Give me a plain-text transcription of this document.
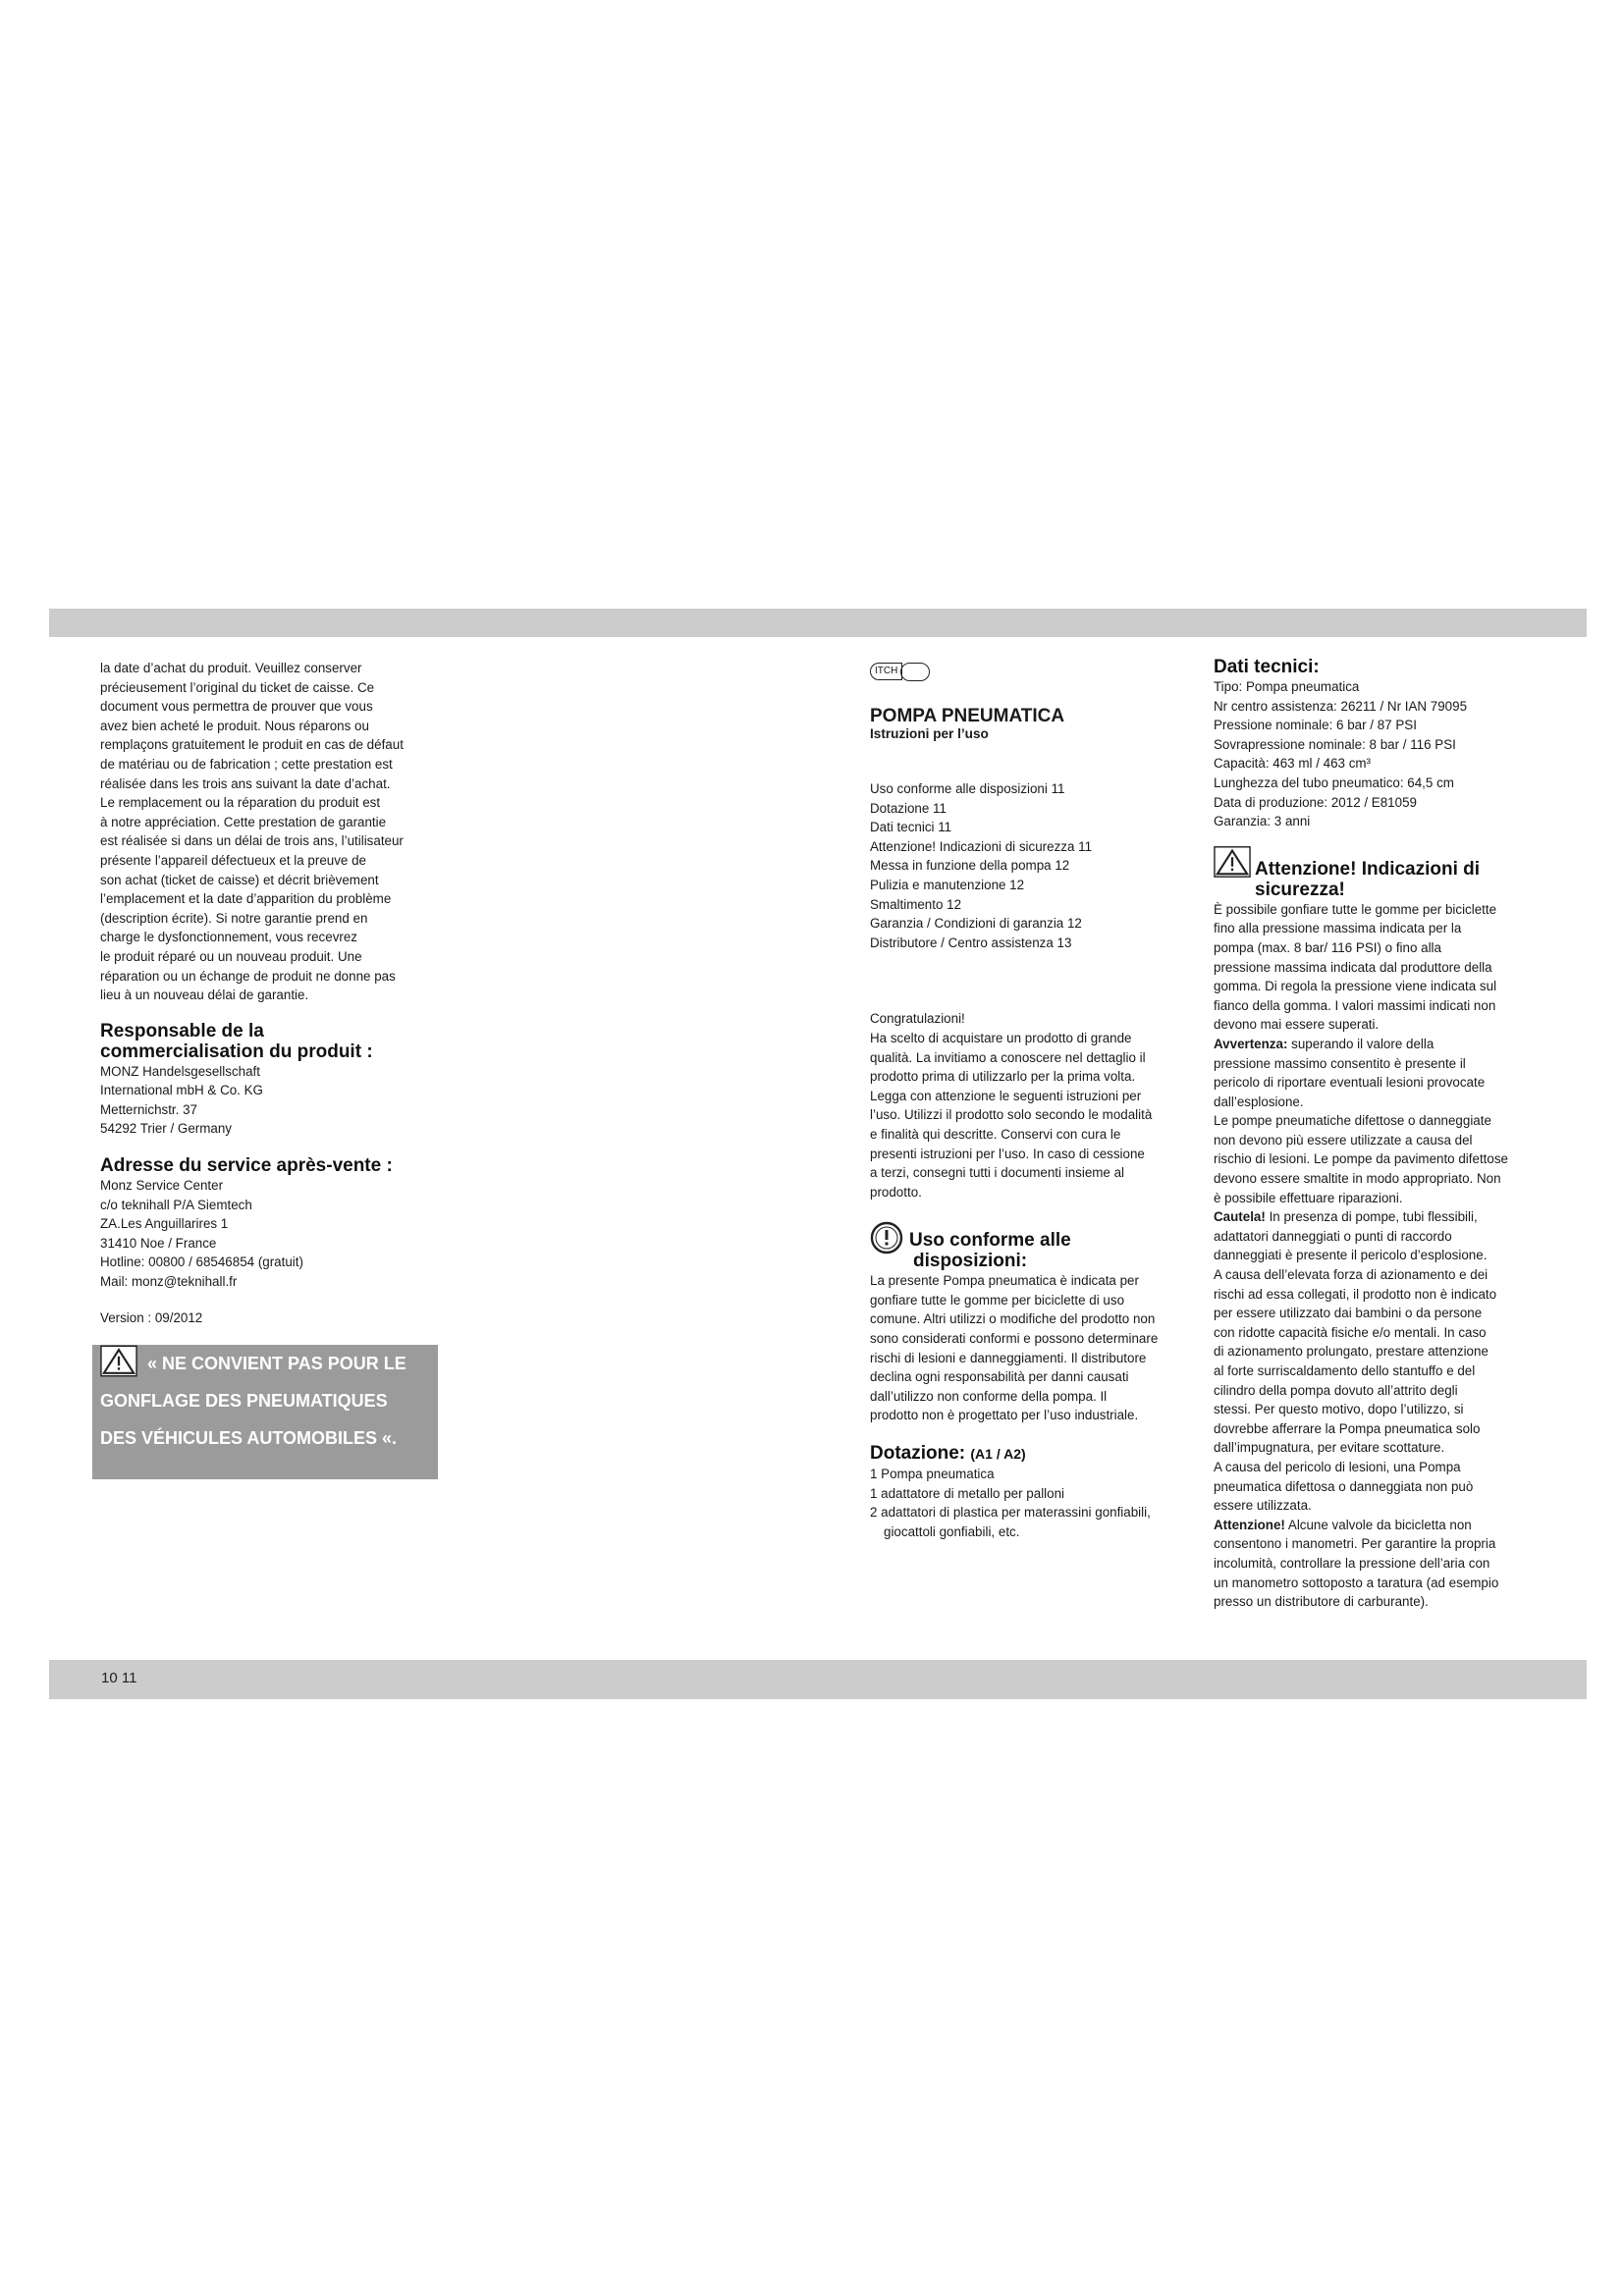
la date d’achat du produit. Veuillez conserver
précieusement l’original du ticket de caisse. Ce
document vous permettra de prouver que vous
avez bien acheté le produit. Nous réparons ou
remplaçons gratuitement le produit en cas de défaut
de matériau ou de fabrication ; cette prestation est
réalisée dans les trois ans suivant la date d’achat.
Le remplacement ou la réparation du produit est
à notre appréciation. Cette prestation de garantie
est réalisée si dans un délai de trois ans, l’utilisateur
présente l’appareil défectueux et la preuve de
son achat (ticket de caisse) et décrit brièvement
l’emplacement et la date d’apparition du problème
(description écrite). Si notre garantie prend en
charge le dysfonctionnement, vous recevrez
le produit réparé ou un nouveau produit. Une
réparation ou un échange de produit ne donne pas
lieu à un nouveau délai de garantie.
Responsable de la
commercialisation du produit :
MONZ Handelsgesellschaft
International mbH & Co. KG
Metternichstr. 37
54292 Trier / Germany
Adresse du service après-vente :
Monz Service Center
c/o teknihall P/A Siemtech
ZA.Les Anguillarires 1
31410 Noe / France
Hotline: 00800 / 68546854 (gratuit)
Mail: monz@teknihall.fr

Version : 09/2012

« NE CONVIENT PAS POUR LE
GONFLAGE DES PNEUMATIQUES
DES VÉHICULES AUTOMOBILES «.
ITCH
POMPA PNEUMATICA
Istruzioni per l’uso
Uso conforme alle disposizioni 11
Dotazione 11
Dati tecnici 11
Attenzione! Indicazioni di sicurezza 11
Messa in funzione della pompa 12
Pulizia e manutenzione 12
Smaltimento 12
Garanzia / Condizioni di garanzia 12
Distributore / Centro assistenza 13
Congratulazioni!
Ha scelto di acquistare un prodotto di grande
qualità. La invitiamo a conoscere nel dettaglio il
prodotto prima di utilizzarlo per la prima volta.
Legga con attenzione le seguenti istruzioni per
l’uso. Utilizzi il prodotto solo secondo le modalità
e finalità qui descritte. Conservi con cura le
presenti istruzioni per l’uso. In caso di cessione
a terzi, consegni tutti i documenti insieme al
prodotto.
Uso conforme alle
disposizioni:
La presente Pompa pneumatica è indicata per
gonfiare tutte le gomme per biciclette di uso
comune. Altri utilizzi o modifiche del prodotto non
sono considerati conformi e possono determinare
rischi di lesioni e danneggiamenti. Il distributore
declina ogni responsabilità per danni causati
dall’utilizzo non conforme della pompa. Il
prodotto non è progettato per l’uso industriale.
Dotazione: (A1 / A2)
1 Pompa pneumatica
1 adattatore di metallo per palloni
2 adattatori di plastica per materassini gonfiabili,
giocattoli gonfiabili, etc.
Dati tecnici:
Tipo: Pompa pneumatica
Nr centro assistenza: 26211 / Nr IAN 79095
Pressione nominale: 6 bar / 87 PSI
Sovrapressione nominale: 8 bar / 116 PSI
Capacità: 463 ml / 463 cm³
Lunghezza del tubo pneumatico: 64,5 cm
Data di produzione: 2012 / E81059
Garanzia: 3 anni
Attenzione! Indicazioni di
sicurezza!
È possibile gonfiare tutte le gomme per biciclette
fino alla pressione massima indicata per la
pompa (max. 8 bar/ 116 PSI) o fino alla
pressione massima indicata dal produttore della
gomma. Di regola la pressione viene indicata sul
fianco della gomma. I valori massimi indicati non
devono mai essere superati.

Avvertenza: superando il valore della

pressione massimo consentito è presente il
pericolo di riportare eventuali lesioni provocate
dall’esplosione.
Le pompe pneumatiche difettose o danneggiate
non devono più essere utilizzate a causa del
rischio di lesioni. Le pompe da pavimento difettose
devono essere smaltite in modo appropriato. Non
è possibile effettuare riparazioni.

Cautela! In presenza di pompe, tubi flessibili,

adattatori danneggiati o punti di raccordo
danneggiati è presente il pericolo d’esplosione.
A causa dell’elevata forza di azionamento e dei
rischi ad essa collegati, il prodotto non è indicato
per essere utilizzato dai bambini o da persone
con ridotte capacità fisiche e/o mentali. In caso
di azionamento prolungato, prestare attenzione
al forte surriscaldamento dello stantuffo e del
cilindro della pompa dovuto all’attrito degli
stessi. Per questo motivo, dopo l’utilizzo, si
dovrebbe afferrare la Pompa pneumatica solo
dall’impugnatura, per evitare scottature.
A causa del pericolo di lesioni, una Pompa
pneumatica difettosa o danneggiata non può
essere utilizzata.

Attenzione! Alcune valvole da bicicletta non

consentono i manometri. Per garantire la propria
incolumità, controllare la pressione dell’aria con
un manometro sottoposto a taratura (ad esempio
presso un distributore di carburante).
10 11
